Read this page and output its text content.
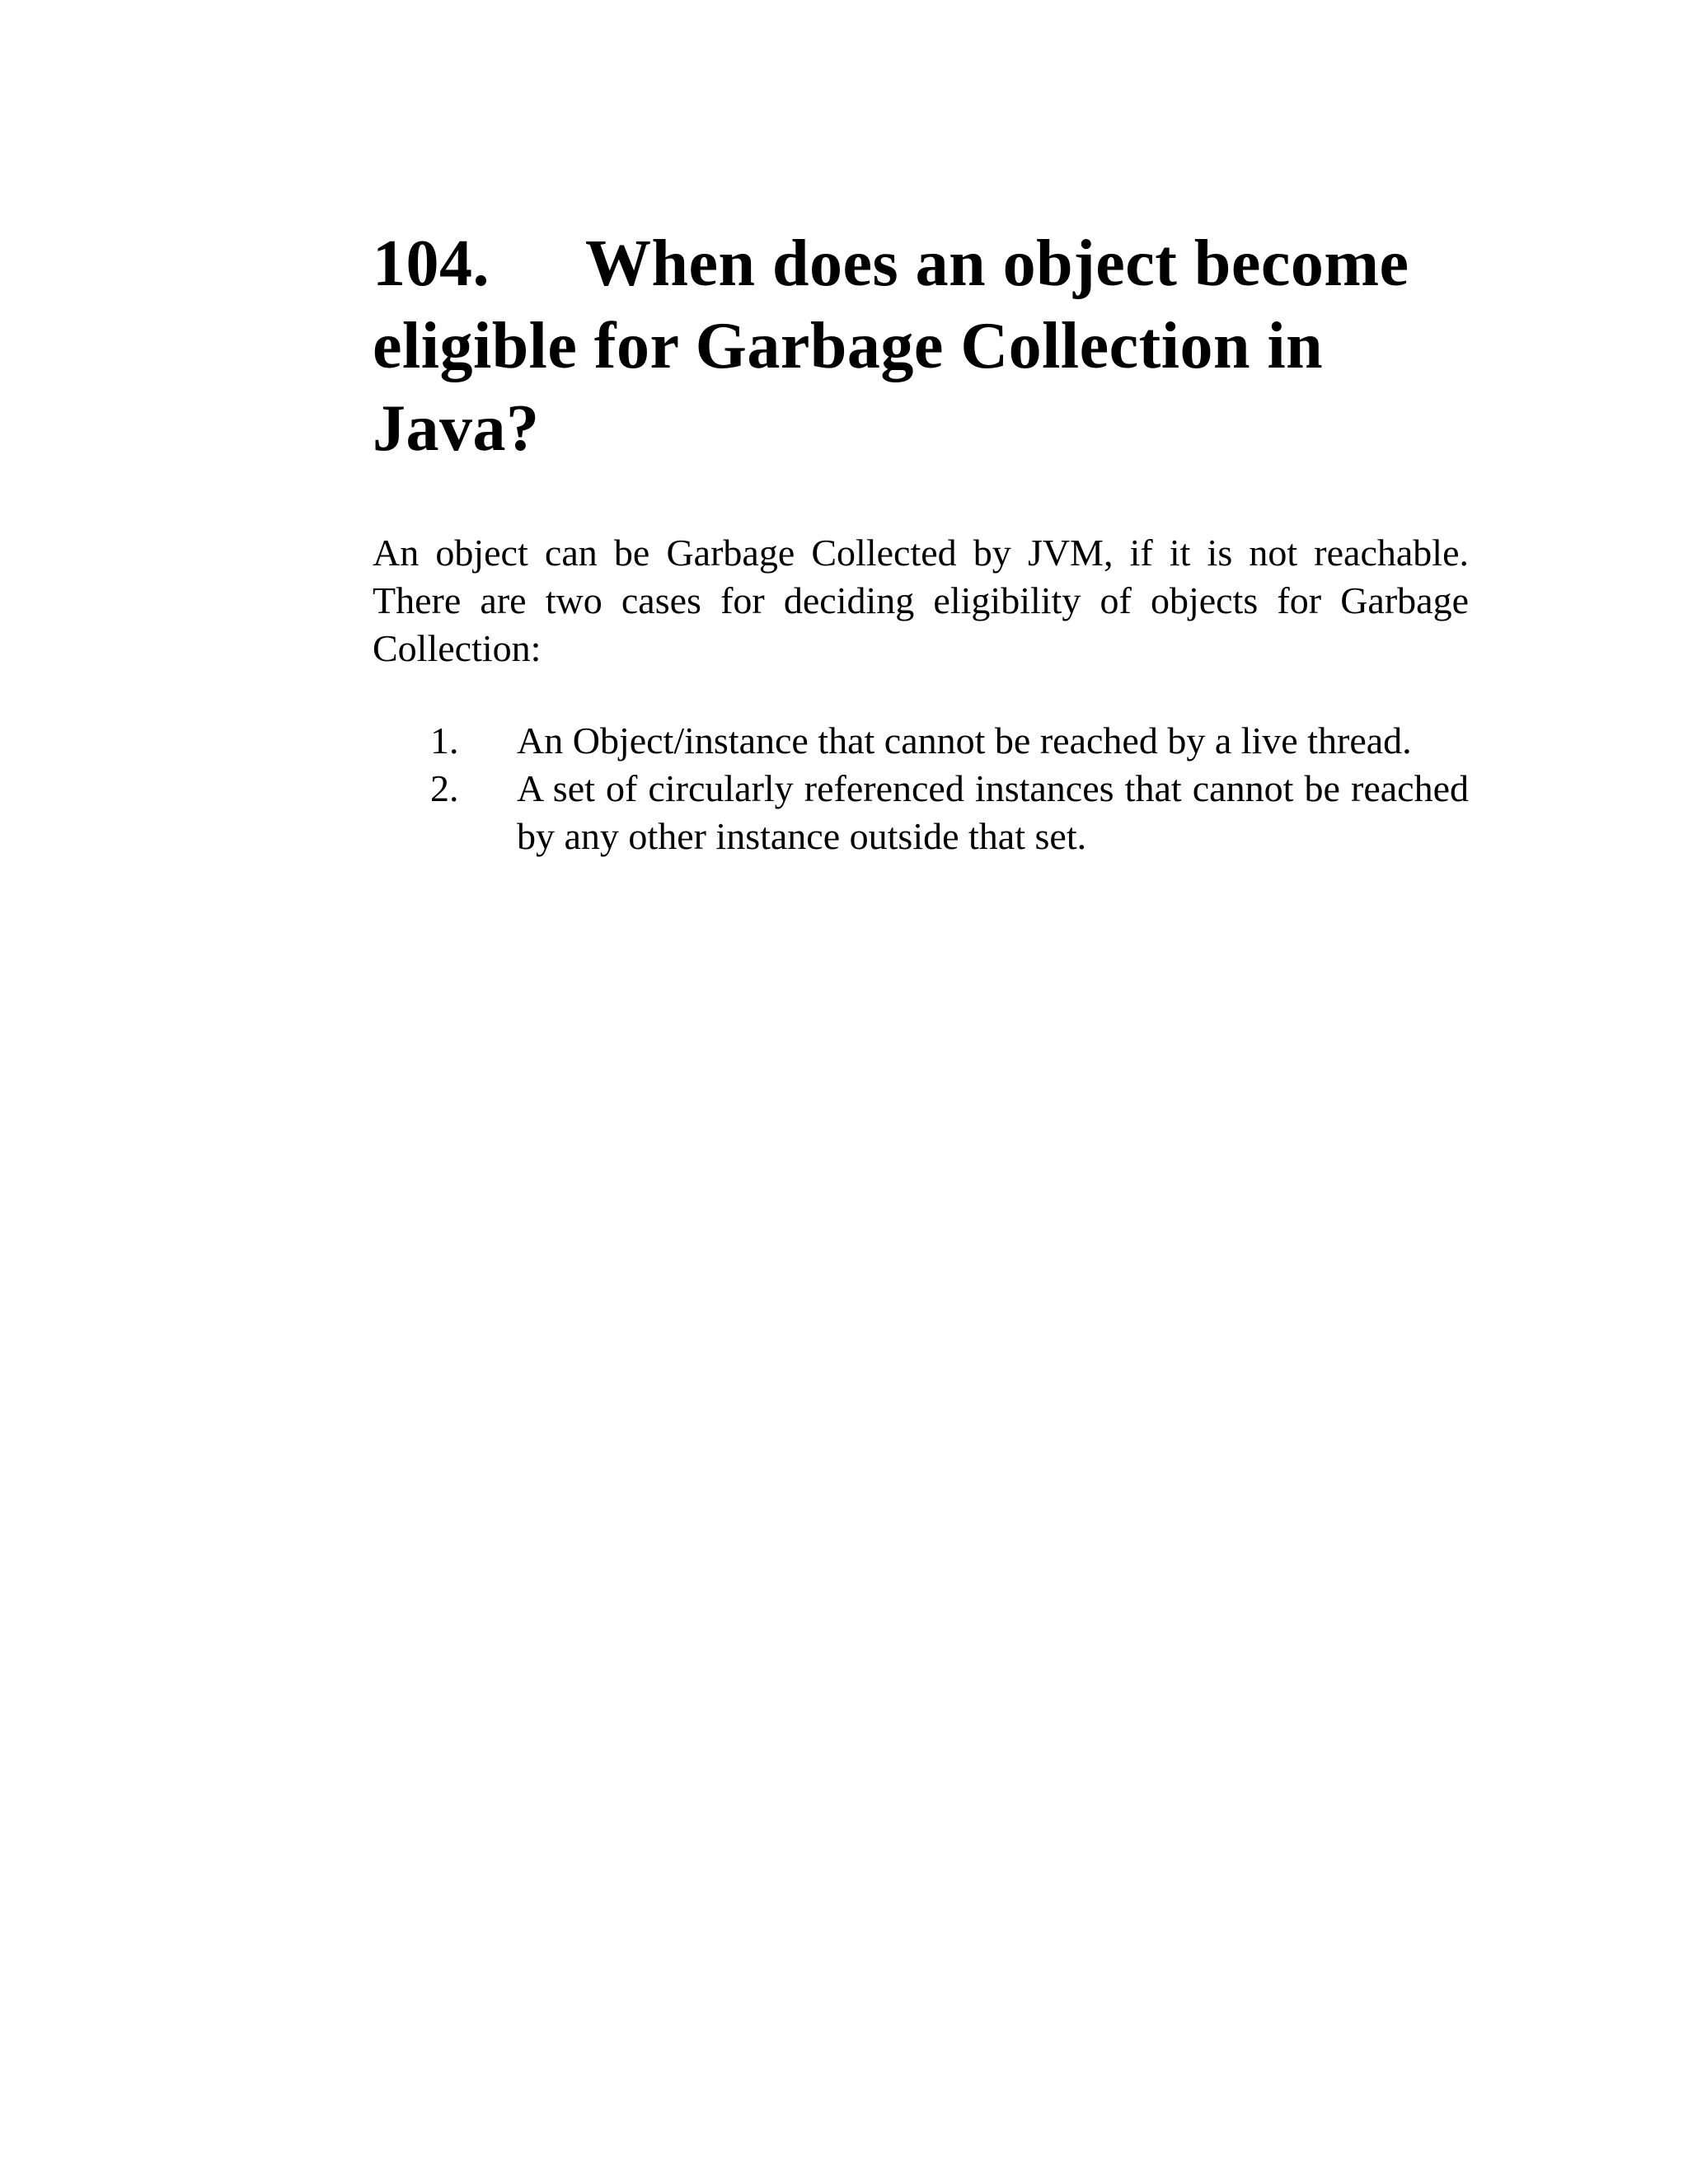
104. When does an object become eligible for Garbage Collection in Java?

An object can be Garbage Collected by JVM, if it is not reachable. There are two cases for deciding eligibility of objects for Garbage Collection:

1. An Object/instance that cannot be reached by a live thread.
2. A set of circularly referenced instances that cannot be reached by any other instance outside that set.
